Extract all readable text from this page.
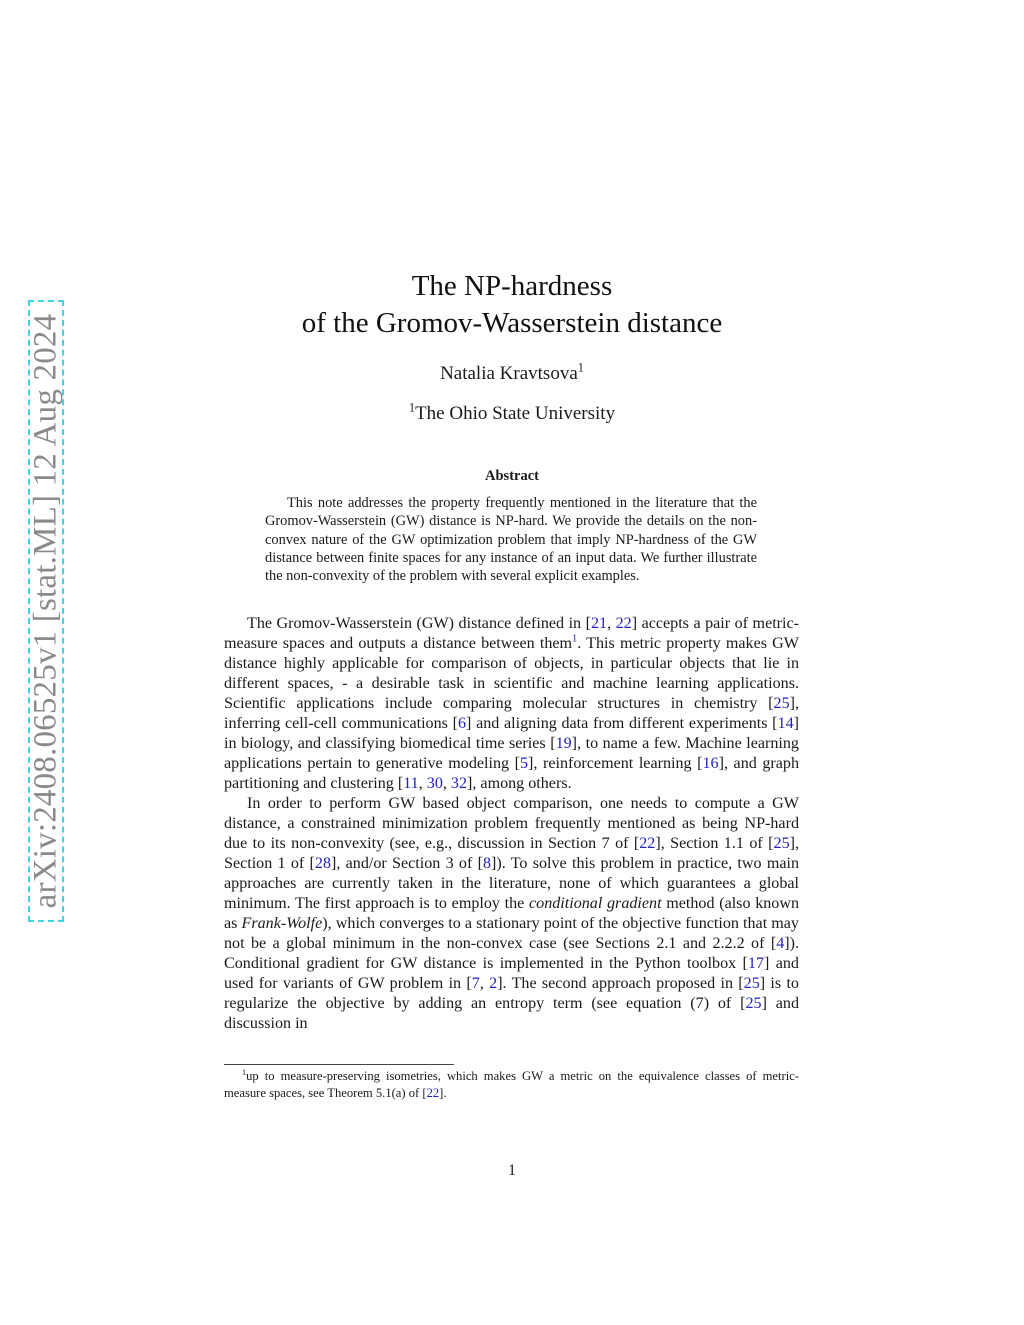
arXiv:2408.06525v1 [stat.ML] 12 Aug 2024
The NP-hardness
of the Gromov-Wasserstein distance
Natalia Kravtsova$^1$
$^1$The Ohio State University
Abstract

This note addresses the property frequently mentioned in the literature that the Gromov-Wasserstein (GW) distance is NP-hard. We provide the details on the non-convex nature of the GW optimization problem that imply NP-hardness of the GW distance between finite spaces for any instance of an input data. We further illustrate the non-convexity of the problem with several explicit examples.

The Gromov-Wasserstein (GW) distance defined in [21, 22] accepts a pair of metric-measure spaces and outputs a distance between them$^1$. This metric property makes GW distance highly applicable for comparison of objects, in particular objects that lie in different spaces, - a desirable task in scientific and machine learning applications. Scientific applications include comparing molecular structures in chemistry [25], inferring cell-cell communications [6] and aligning data from different experiments [14] in biology, and classifying biomedical time series [19], to name a few. Machine learning applications pertain to generative modeling [5], reinforcement learning [16], and graph partitioning and clustering [11, 30, 32], among others.

In order to perform GW based object comparison, one needs to compute a GW distance, a constrained minimization problem frequently mentioned as being NP-hard due to its non-convexity (see, e.g., discussion in Section 7 of [22], Section 1.1 of [25], Section 1 of [28], and/or Section 3 of [8]). To solve this problem in practice, two main approaches are currently taken in the literature, none of which guarantees a global minimum. The first approach is to employ the conditional gradient method (also known as Frank-Wolfe), which converges to a stationary point of the objective function that may not be a global minimum in the non-convex case (see Sections 2.1 and 2.2.2 of [4]). Conditional gradient for GW distance is implemented in the Python toolbox [17] and used for variants of GW problem in [7, 2]. The second approach proposed in [25] is to regularize the objective by adding an entropy term (see equation (7) of [25] and discussion in

$^1$up to measure-preserving isometries, which makes GW a metric on the equivalence classes of metric-measure spaces, see Theorem 5.1(a) of [22].

1
